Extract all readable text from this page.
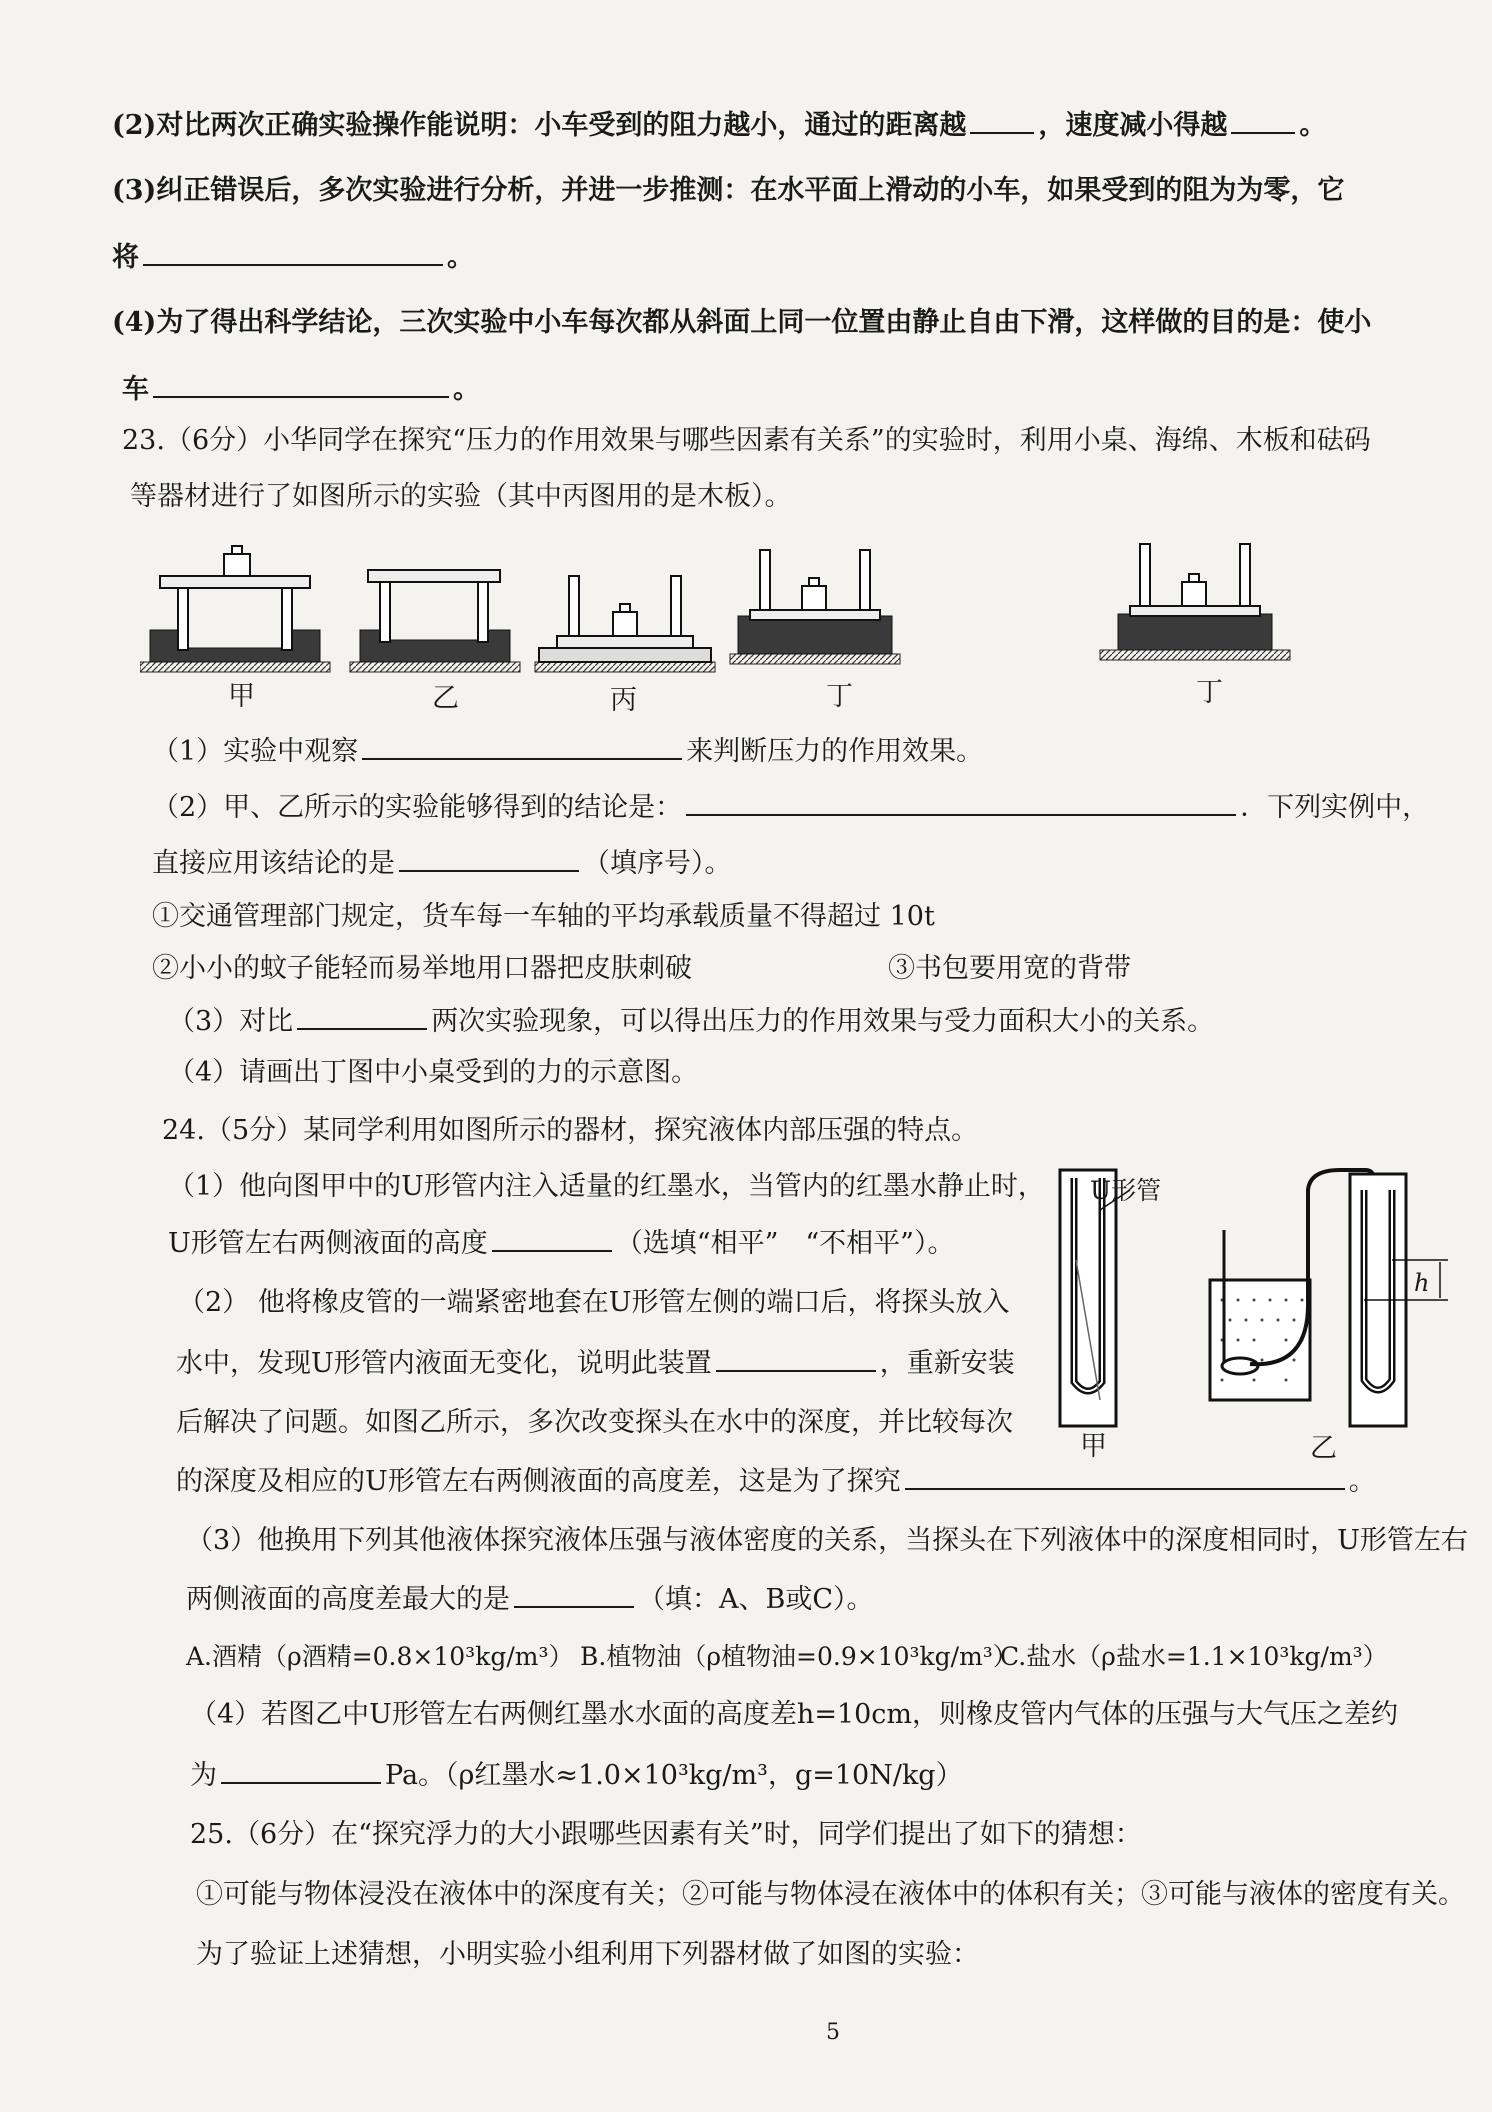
(2)对比两次正确实验操作能说明：小车受到的阻力越小，通过的距离越	，速度减小得越	。
(3)纠正错误后，多次实验进行分析，并进一步推测：在水平面上滑动的小车，如果受到的阻为为零，它
将	。
(4)为了得出科学结论，三次实验中小车每次都从斜面上同一位置由静止自由下滑，这样做的目的是：使小
车	。
23.（6分）小华同学在探究“压力的作用效果与哪些因素有关系”的实验时，利用小桌、海绵、木板和砝码
等器材进行了如图所示的实验（其中丙图用的是木板）。
甲	乙	丙	丁	丁
（1）实验中观察	来判断压力的作用效果。
（2）甲、乙所示的实验能够得到的结论是：	．下列实例中，
直接应用该结论的是	（填序号）。
①交通管理部门规定，货车每一车轴的平均承载质量不得超过 10t
②小小的蚊子能轻而易举地用口器把皮肤刺破	③书包要用宽的背带
（3）对比	两次实验现象，可以得出压力的作用效果与受力面积大小的关系。
（4）请画出丁图中小桌受到的力的示意图。
24.（5分）某同学利用如图所示的器材，探究液体内部压强的特点。
（1）他向图甲中的U形管内注入适量的红墨水，当管内的红墨水静止时，
U形管左右两侧液面的高度	（选填“相平”　“不相平”）。
（2） 他将橡皮管的一端紧密地套在U形管左侧的端口后，将探头放入
水中，发现U形管内液面无变化，说明此装置	，重新安装
后解决了问题。如图乙所示，多次改变探头在水中的深度，并比较每次
的深度及相应的U形管左右两侧液面的高度差，这是为了探究	。
U形管
h
甲	乙
（3）他换用下列其他液体探究液体压强与液体密度的关系，当探头在下列液体中的深度相同时，U形管左右
两侧液面的高度差最大的是	（填：A、B或C）。
A.酒精（ρ酒精=0.8×10³kg/m³） B.植物油（ρ植物油=0.9×10³kg/m³）
C.盐水（ρ盐水=1.1×10³kg/m³）
（4）若图乙中U形管左右两侧红墨水水面的高度差h=10cm，则橡皮管内气体的压强与大气压之差约
为	Pa。（ρ红墨水≈1.0×10³kg/m³，g=10N/kg）
25.（6分）在“探究浮力的大小跟哪些因素有关”时，同学们提出了如下的猜想：
①可能与物体浸没在液体中的深度有关；②可能与物体浸在液体中的体积有关；③可能与液体的密度有关。
为了验证上述猜想，小明实验小组利用下列器材做了如图的实验：
5
